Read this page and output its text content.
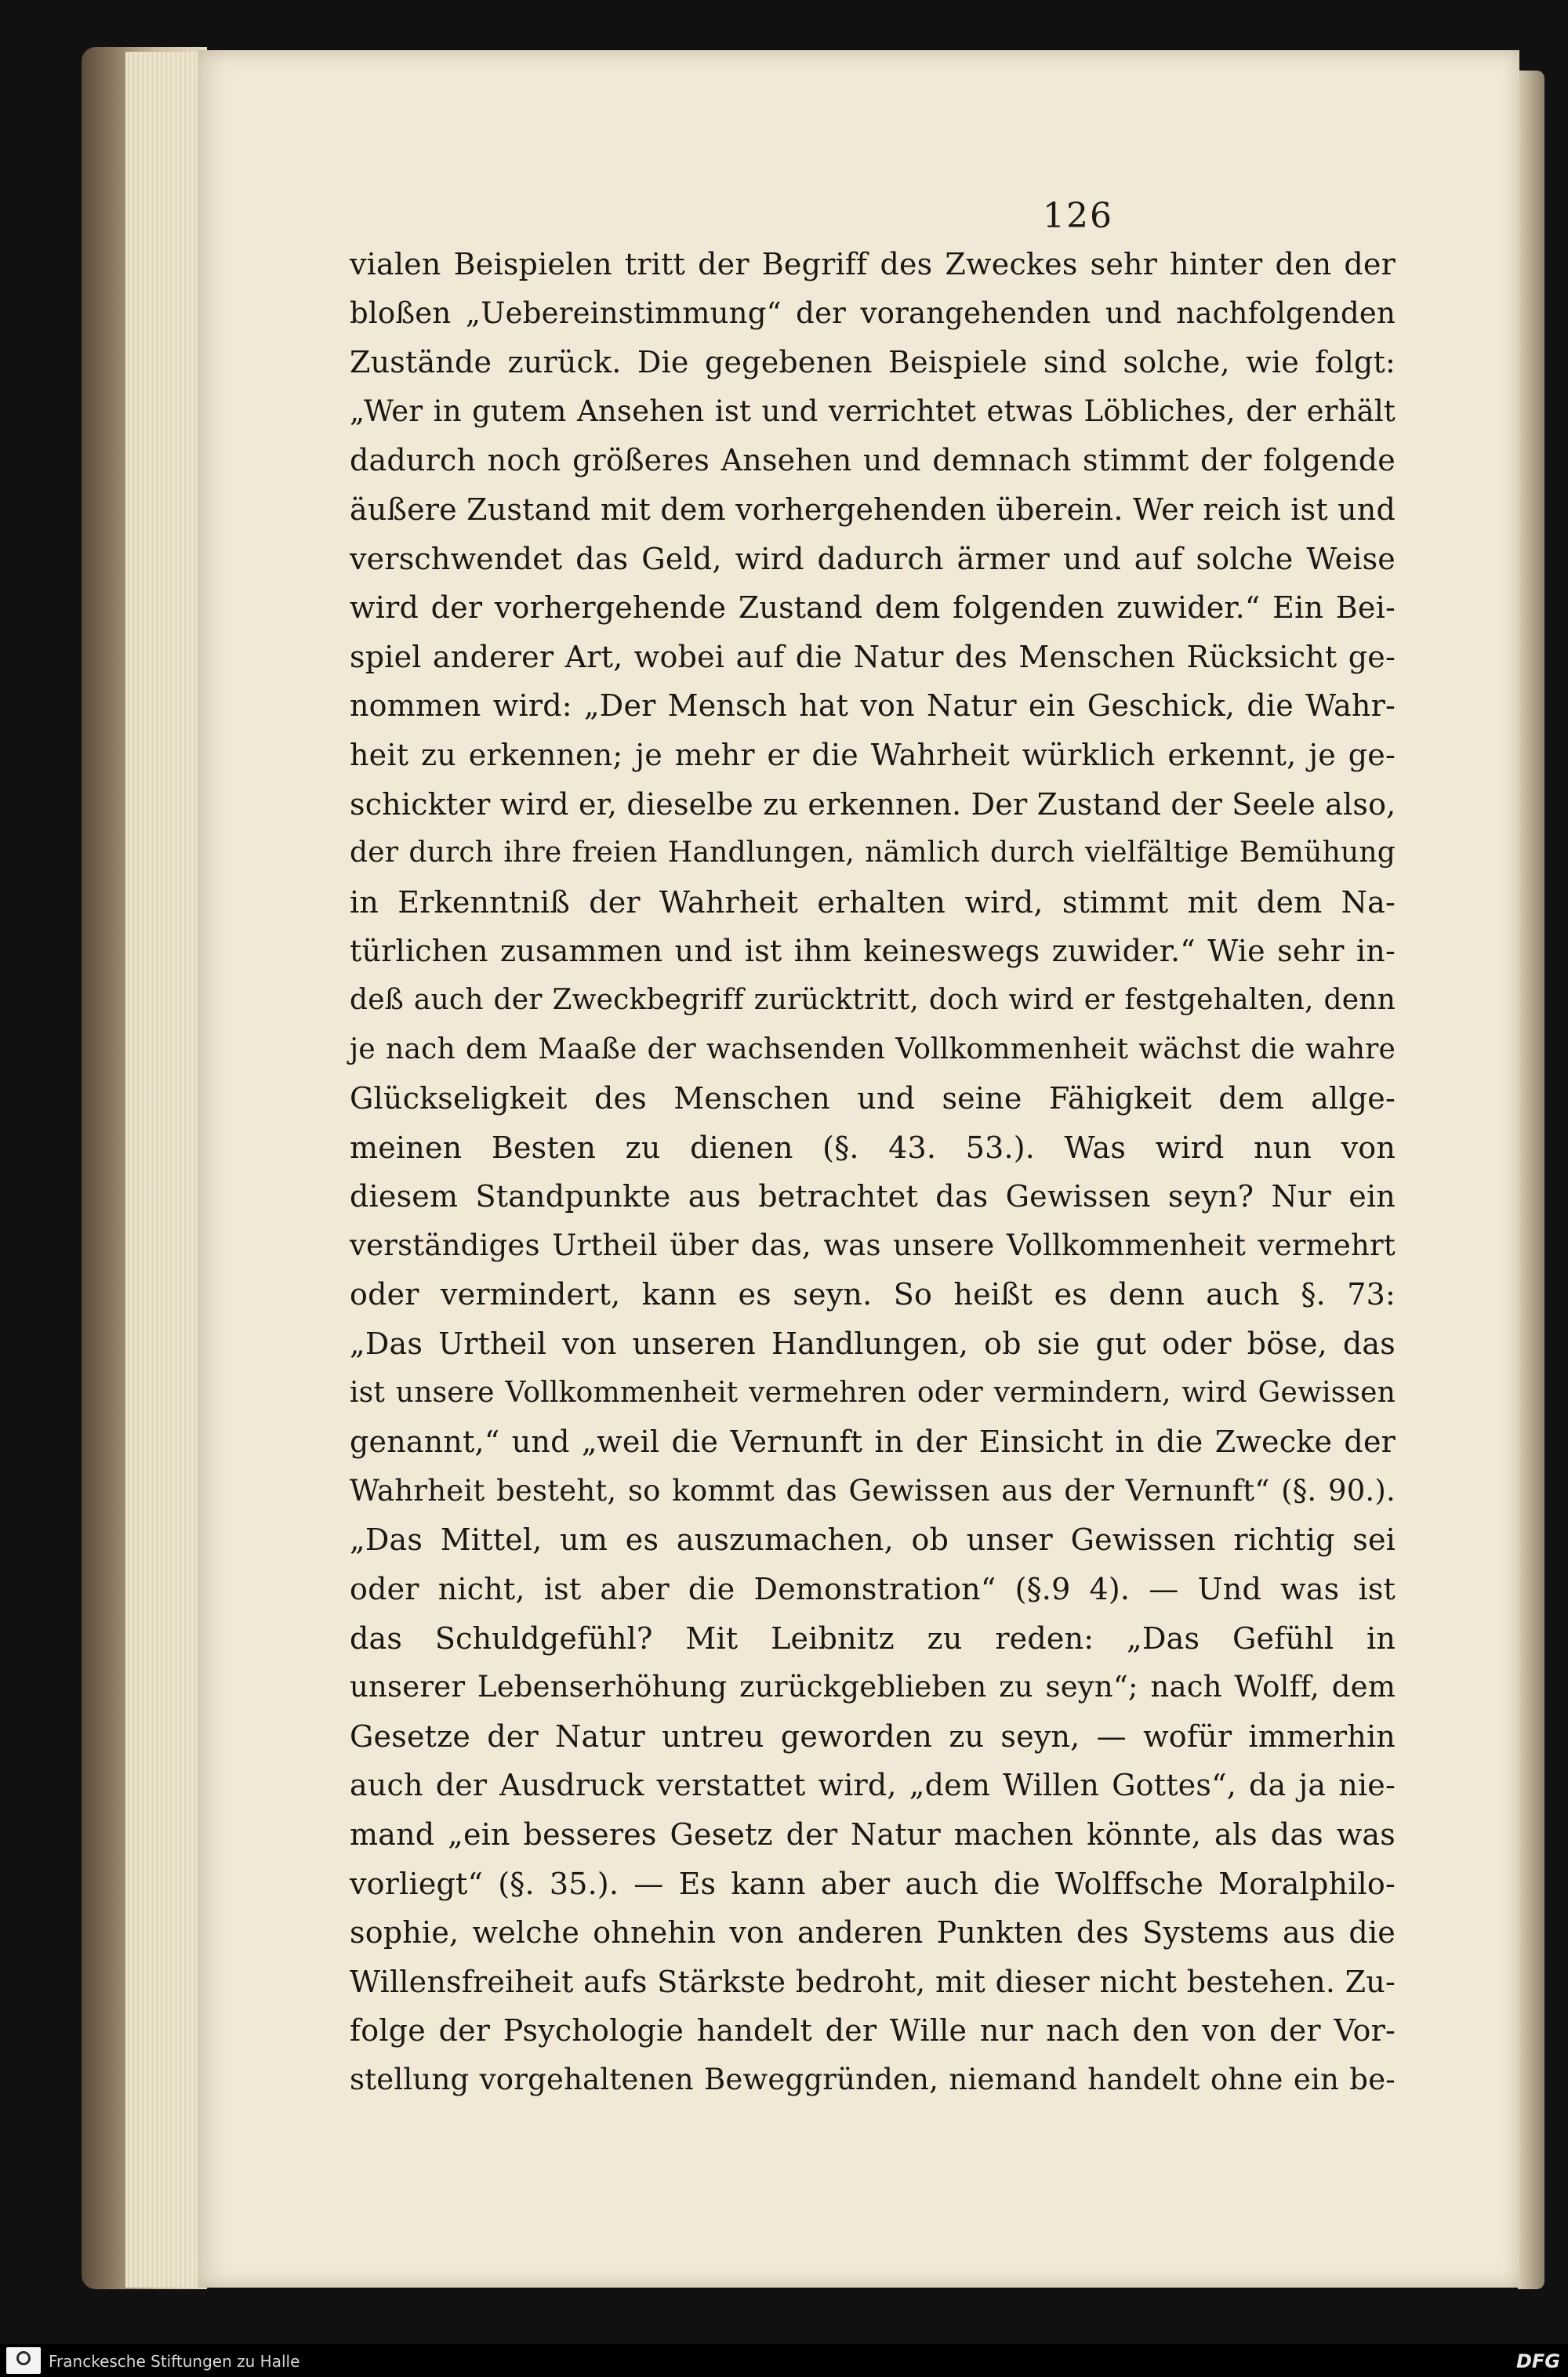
126
vialen Beispielen tritt der Begriff des Zweckes sehr hinter den der
bloßen „Uebereinstimmung“ der vorangehenden und nachfolgenden
Zustände zurück. Die gegebenen Beispiele sind solche, wie folgt:
„Wer in gutem Ansehen ist und verrichtet etwas Löbliches, der erhält
dadurch noch größeres Ansehen und demnach stimmt der folgende
äußere Zustand mit dem vorhergehenden überein. Wer reich ist und
verschwendet das Geld, wird dadurch ärmer und auf solche Weise
wird der vorhergehende Zustand dem folgenden zuwider.“ Ein Bei-
spiel anderer Art, wobei auf die Natur des Menschen Rücksicht ge-
nommen wird: „Der Mensch hat von Natur ein Geschick, die Wahr-
heit zu erkennen; je mehr er die Wahrheit würklich erkennt, je ge-
schickter wird er, dieselbe zu erkennen. Der Zustand der Seele also,
der durch ihre freien Handlungen, nämlich durch vielfältige Bemühung
in Erkenntniß der Wahrheit erhalten wird, stimmt mit dem Na-
türlichen zusammen und ist ihm keineswegs zuwider.“ Wie sehr in-
deß auch der Zweckbegriff zurücktritt, doch wird er festgehalten, denn
je nach dem Maaße der wachsenden Vollkommenheit wächst die wahre
Glückseligkeit des Menschen und seine Fähigkeit dem allge-
meinen Besten zu dienen (§. 43. 53.). Was wird nun von
diesem Standpunkte aus betrachtet das Gewissen seyn? Nur ein
verständiges Urtheil über das, was unsere Vollkommenheit vermehrt
oder vermindert, kann es seyn. So heißt es denn auch §. 73:
„Das Urtheil von unseren Handlungen, ob sie gut oder böse, das
ist unsere Vollkommenheit vermehren oder vermindern, wird Gewissen
genannt,“ und „weil die Vernunft in der Einsicht in die Zwecke der
Wahrheit besteht, so kommt das Gewissen aus der Vernunft“ (§. 90.).
„Das Mittel, um es auszumachen, ob unser Gewissen richtig sei
oder nicht, ist aber die Demonstration“ (§.9 4). — Und was ist
das Schuldgefühl? Mit Leibnitz zu reden: „Das Gefühl in
unserer Lebenserhöhung zurückgeblieben zu seyn“; nach Wolff, dem
Gesetze der Natur untreu geworden zu seyn, — wofür immerhin
auch der Ausdruck verstattet wird, „dem Willen Gottes“, da ja nie-
mand „ein besseres Gesetz der Natur machen könnte, als das was
vorliegt“ (§. 35.). — Es kann aber auch die Wolffsche Moralphilo-
sophie, welche ohnehin von anderen Punkten des Systems aus die
Willensfreiheit aufs Stärkste bedroht, mit dieser nicht bestehen. Zu-
folge der Psychologie handelt der Wille nur nach den von der Vor-
stellung vorgehaltenen Beweggründen, niemand handelt ohne ein be-
Franckesche Stiftungen zu Halle	DFG
